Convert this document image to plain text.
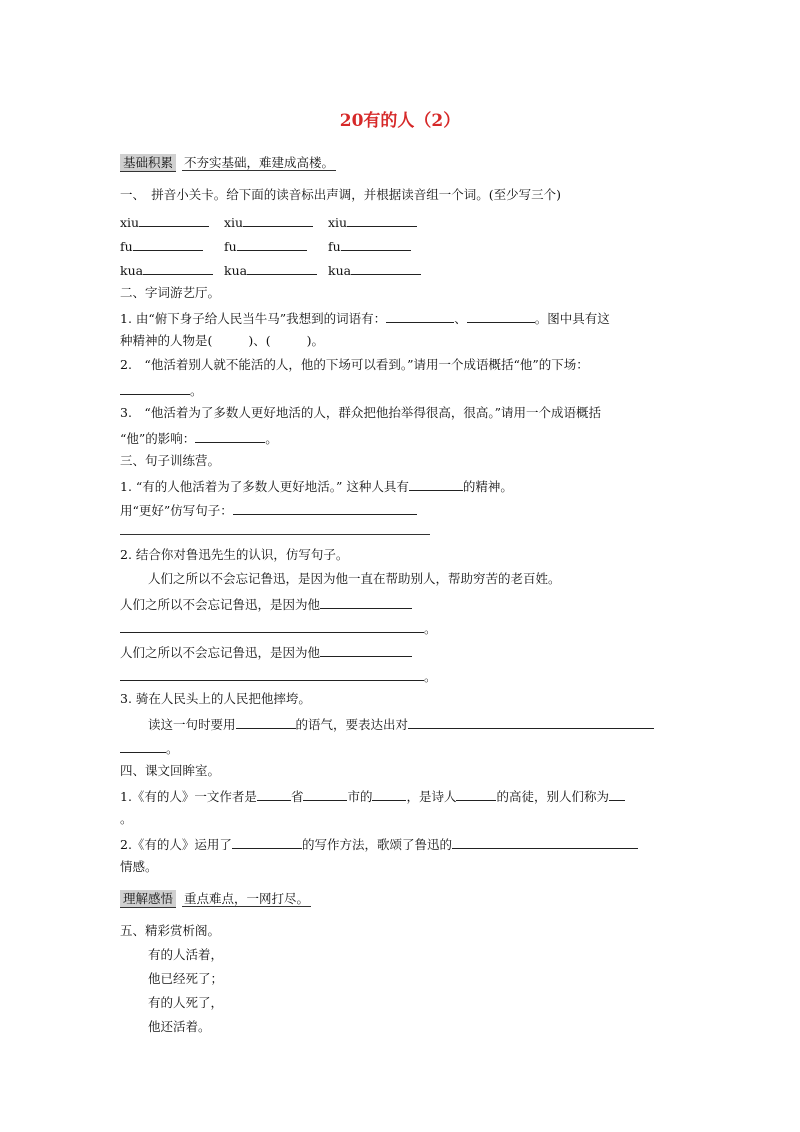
20有的人（2）
基础积累 不夯实基础，难建成高楼。
一、　拼音小关卡。给下面的读音标出声调，并根据读音组一个词。(至少写三个)
xiu	xiu	xiu
fu	fu	fu
kua	kua	kua
二、字词游艺厅。
1. 由“俯下身子给人民当牛马”我想到的词语有：	、	。图中具有这
种精神的人物是(	)、(	)。
2.　“他活着别人就不能活的人，他的下场可以看到。”请用一个成语概括“他”的下场：
。
3.　“他活着为了多数人更好地活的人，群众把他抬举得很高，很高。”请用一个成语概括
“他”的影响：	。
三、句子训练营。
1. “有的人他活着为了多数人更好地活。” 这种人具有	的精神。
用“更好”仿写句子：
2. 结合你对鲁迅先生的认识，仿写句子。
人们之所以不会忘记鲁迅，是因为他一直在帮助别人，帮助穷苦的老百姓。
人们之所以不会忘记鲁迅，是因为他
。
人们之所以不会忘记鲁迅，是因为他
。
3. 骑在人民头上的人民把他摔垮。
读这一句时要用	的语气，要表达出对
。
四、课文回眸室。
1.《有的人》一文作者是	省	市的	，是诗人	的高徒，别人们称为
。
2.《有的人》运用了	的写作方法，歌颂了鲁迅的
情感。
理解感悟 重点难点，一网打尽。
五、精彩赏析阁。
有的人活着，
他已经死了；
有的人死了，
他还活着。
